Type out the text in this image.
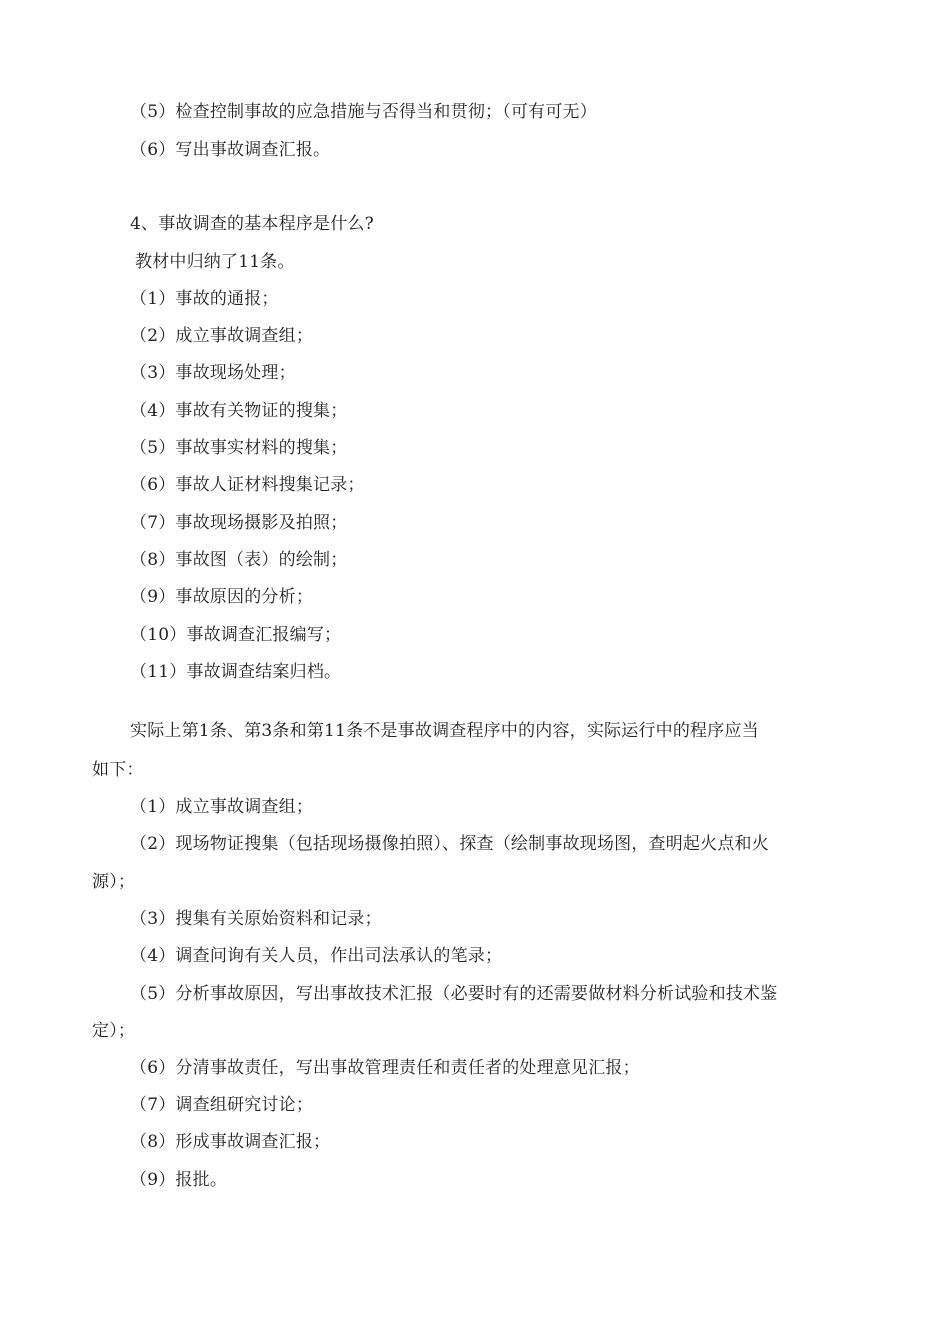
（5）检查控制事故的应急措施与否得当和贯彻；（可有可无）
（6）写出事故调查汇报。
4、事故调查的基本程序是什么?
教材中归纳了11条。
（1）事故的通报；
（2）成立事故调查组；
（3）事故现场处理；
（4）事故有关物证的搜集；
（5）事故事实材料的搜集；
（6）事故人证材料搜集记录；
（7）事故现场摄影及拍照；
（8）事故图（表）的绘制；
（9）事故原因的分析；
（10）事故调查汇报编写；
（11）事故调查结案归档。
实际上第1条、第3条和第11条不是事故调查程序中的内容，实际运行中的程序应当
如下：
（1）成立事故调查组；
（2）现场物证搜集（包括现场摄像拍照）、探查（绘制事故现场图，查明起火点和火
源）；
（3）搜集有关原始资料和记录；
（4）调查问询有关人员，作出司法承认的笔录；
（5）分析事故原因，写出事故技术汇报（必要时有的还需要做材料分析试验和技术鉴
定）；
（6）分清事故责任，写出事故管理责任和责任者的处理意见汇报；
（7）调查组研究讨论；
（8）形成事故调查汇报；
（9）报批。
